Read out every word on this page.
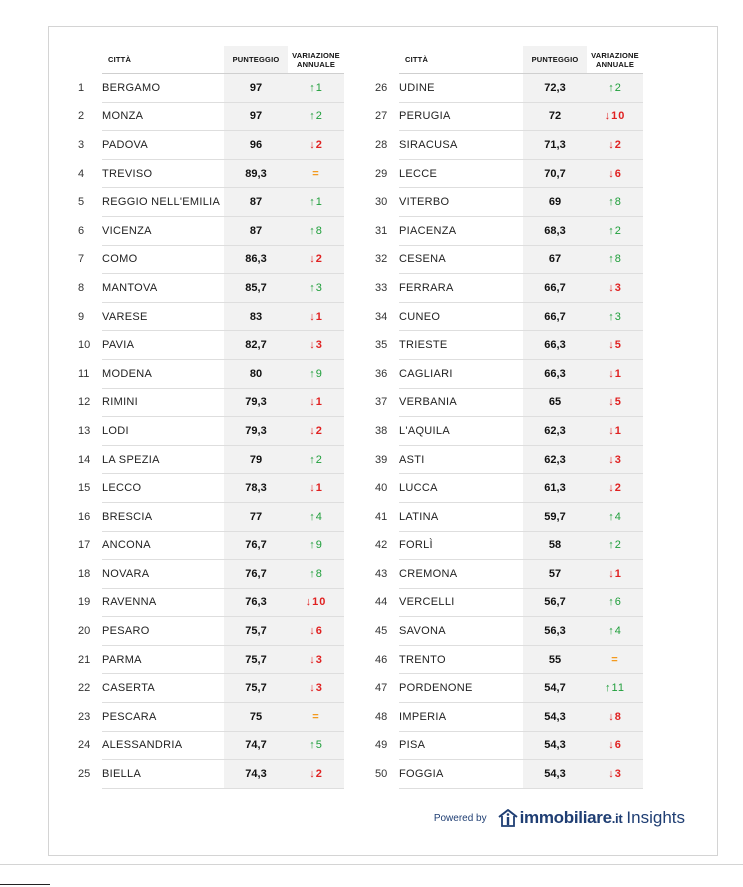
	CITTÀ	PUNTEGGIO	VARIAZIONE
ANNUALE
1	BERGAMO	97	↑1
2	MONZA	97	↑2
3	PADOVA	96	↓2
4	TREVISO	89,3	=
5	REGGIO NELL'EMILIA	87	↑1
6	VICENZA	87	↑8
7	COMO	86,3	↓2
8	MANTOVA	85,7	↑3
9	VARESE	83	↓1
10	PAVIA	82,7	↓3
11	MODENA	80	↑9
12	RIMINI	79,3	↓1
13	LODI	79,3	↓2
14	LA SPEZIA	79	↑2
15	LECCO	78,3	↓1
16	BRESCIA	77	↑4
17	ANCONA	76,7	↑9
18	NOVARA	76,7	↑8
19	RAVENNA	76,3	↓10
20	PESARO	75,7	↓6
21	PARMA	75,7	↓3
22	CASERTA	75,7	↓3
23	PESCARA	75	=
24	ALESSANDRIA	74,7	↑5
25	BIELLA	74,3	↓2
	CITTÀ	PUNTEGGIO	VARIAZIONE
ANNUALE
26	UDINE	72,3	↑2
27	PERUGIA	72	↓10
28	SIRACUSA	71,3	↓2
29	LECCE	70,7	↓6
30	VITERBO	69	↑8
31	PIACENZA	68,3	↑2
32	CESENA	67	↑8
33	FERRARA	66,7	↓3
34	CUNEO	66,7	↑3
35	TRIESTE	66,3	↓5
36	CAGLIARI	66,3	↓1
37	VERBANIA	65	↓5
38	L'AQUILA	62,3	↓1
39	ASTI	62,3	↓3
40	LUCCA	61,3	↓2
41	LATINA	59,7	↑4
42	FORLÌ	58	↑2
43	CREMONA	57	↓1
44	VERCELLI	56,7	↑6
45	SAVONA	56,3	↑4
46	TRENTO	55	=
47	PORDENONE	54,7	↑11
48	IMPERIA	54,3	↓8
49	PISA	54,3	↓6
50	FOGGIA	54,3	↓3
Powered by immobiliare.it Insights
